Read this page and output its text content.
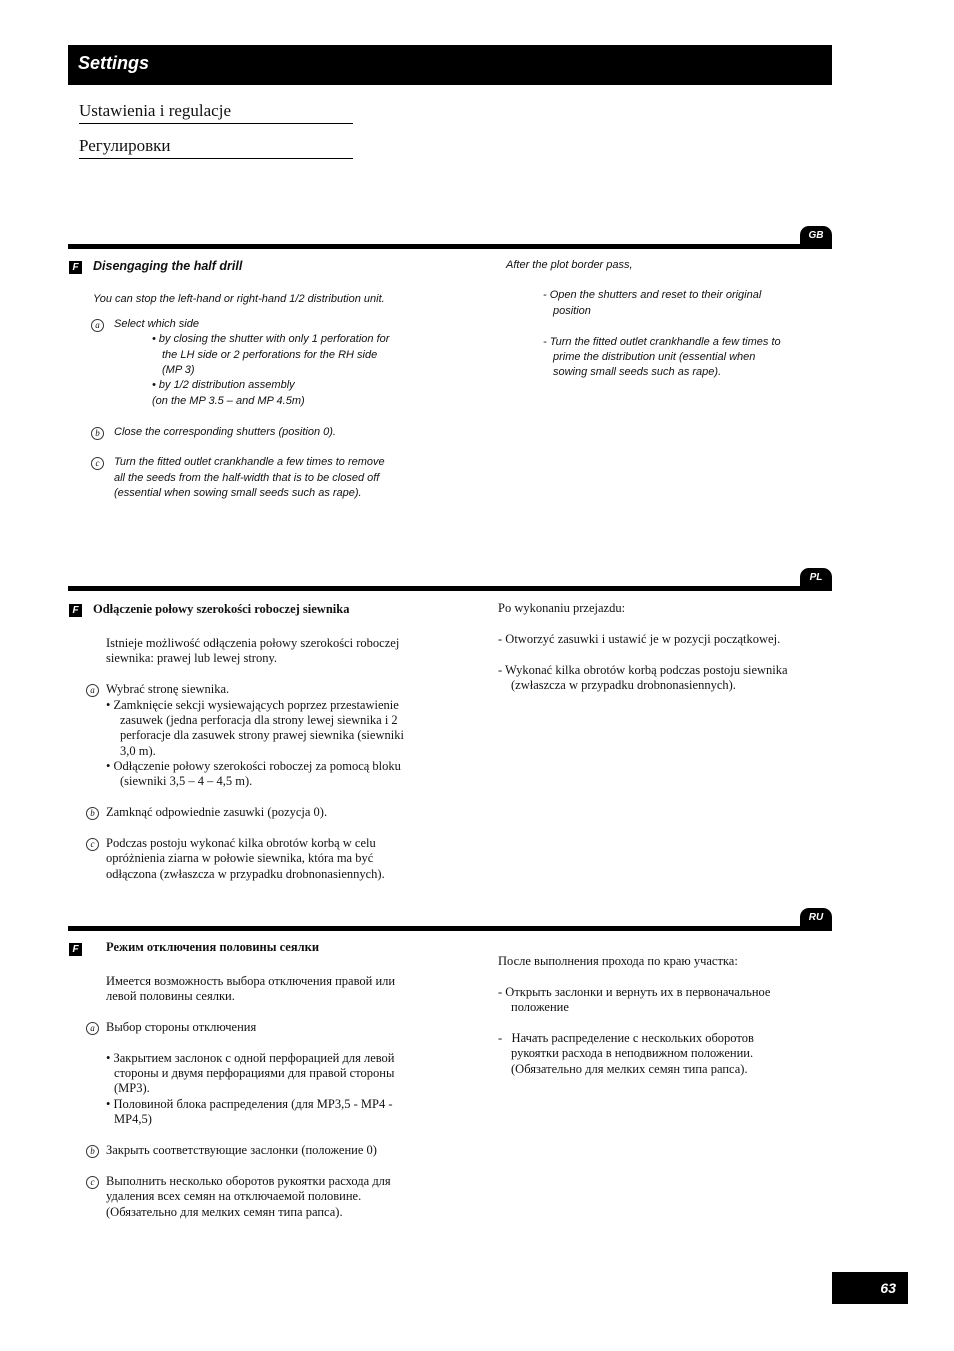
Settings
Ustawienia i regulacje
Регулировки
GB
F Disengaging the half drill
You can stop the left-hand or right-hand 1/2 distribution unit.
a	Select which side
• by closing the shutter with only 1 perforation for
the LH side or 2 perforations for the RH side
(MP 3)
• by 1/2 distribution assembly
(on the MP 3.5 – and MP 4.5m)
b	Close the corresponding shutters (position 0).
c	Turn the fitted outlet crankhandle a few times to remove
all the seeds from the half-width that is to be closed off
(essential when sowing small seeds such as rape).
After the plot border pass,
- Open the shutters and reset to their original
position
- Turn the fitted outlet crankhandle a few times to
prime the distribution unit (essential when
sowing small seeds such as rape).
PL
F Odłączenie połowy szerokości roboczej siewnika
Istnieje możliwość odłączenia połowy szerokości roboczej
siewnika: prawej lub lewej strony.
a Wybrać stronę siewnika.
• Zamknięcie sekcji wysiewających poprzez przestawienie
zasuwek (jedna perforacja dla strony lewej siewnika i 2
perforacje dla zasuwek strony prawej siewnika (siewniki
3,0 m).
• Odłączenie połowy szerokości roboczej za pomocą bloku
(siewniki 3,5 – 4 – 4,5 m).
b Zamknąć odpowiednie zasuwki (pozycja 0).
c Podczas postoju wykonać kilka obrotów korbą w celu
opróżnienia ziarna w połowie siewnika, która ma być
odłączona (zwłaszcza w przypadku drobnonasiennych).
Po wykonaniu przejazdu:
- Otworzyć zasuwki i ustawić je w pozycji początkowej.
- Wykonać kilka obrotów korbą podczas postoju siewnika
(zwłaszcza w przypadku drobnonasiennych).
RU
F Режим отключения половины сеялки
Имеется возможность выбора отключения правой или
левой половины сеялки.
a Выбор стороны отключения
• Закрытием заслонок с одной перфорацией для левой
стороны и двумя перфорациями для правой стороны
(MP3).
• Половиной блока распределения (для MP3,5 - MP4 -
MP4,5)
b Закрыть соответствующие заслонки (положение 0)
c Выполнить несколько оборотов рукоятки расхода для
удаления всех семян на отключаемой половине.
(Обязательно для мелких семян типа рапса).
После выполнения прохода по краю участка:
- Открыть заслонки и вернуть их в первоначальное
положение
-   Начать распределение с нескольких оборотов
рукоятки расхода в неподвижном положении.
(Обязательно для мелких семян типа рапса).
63
